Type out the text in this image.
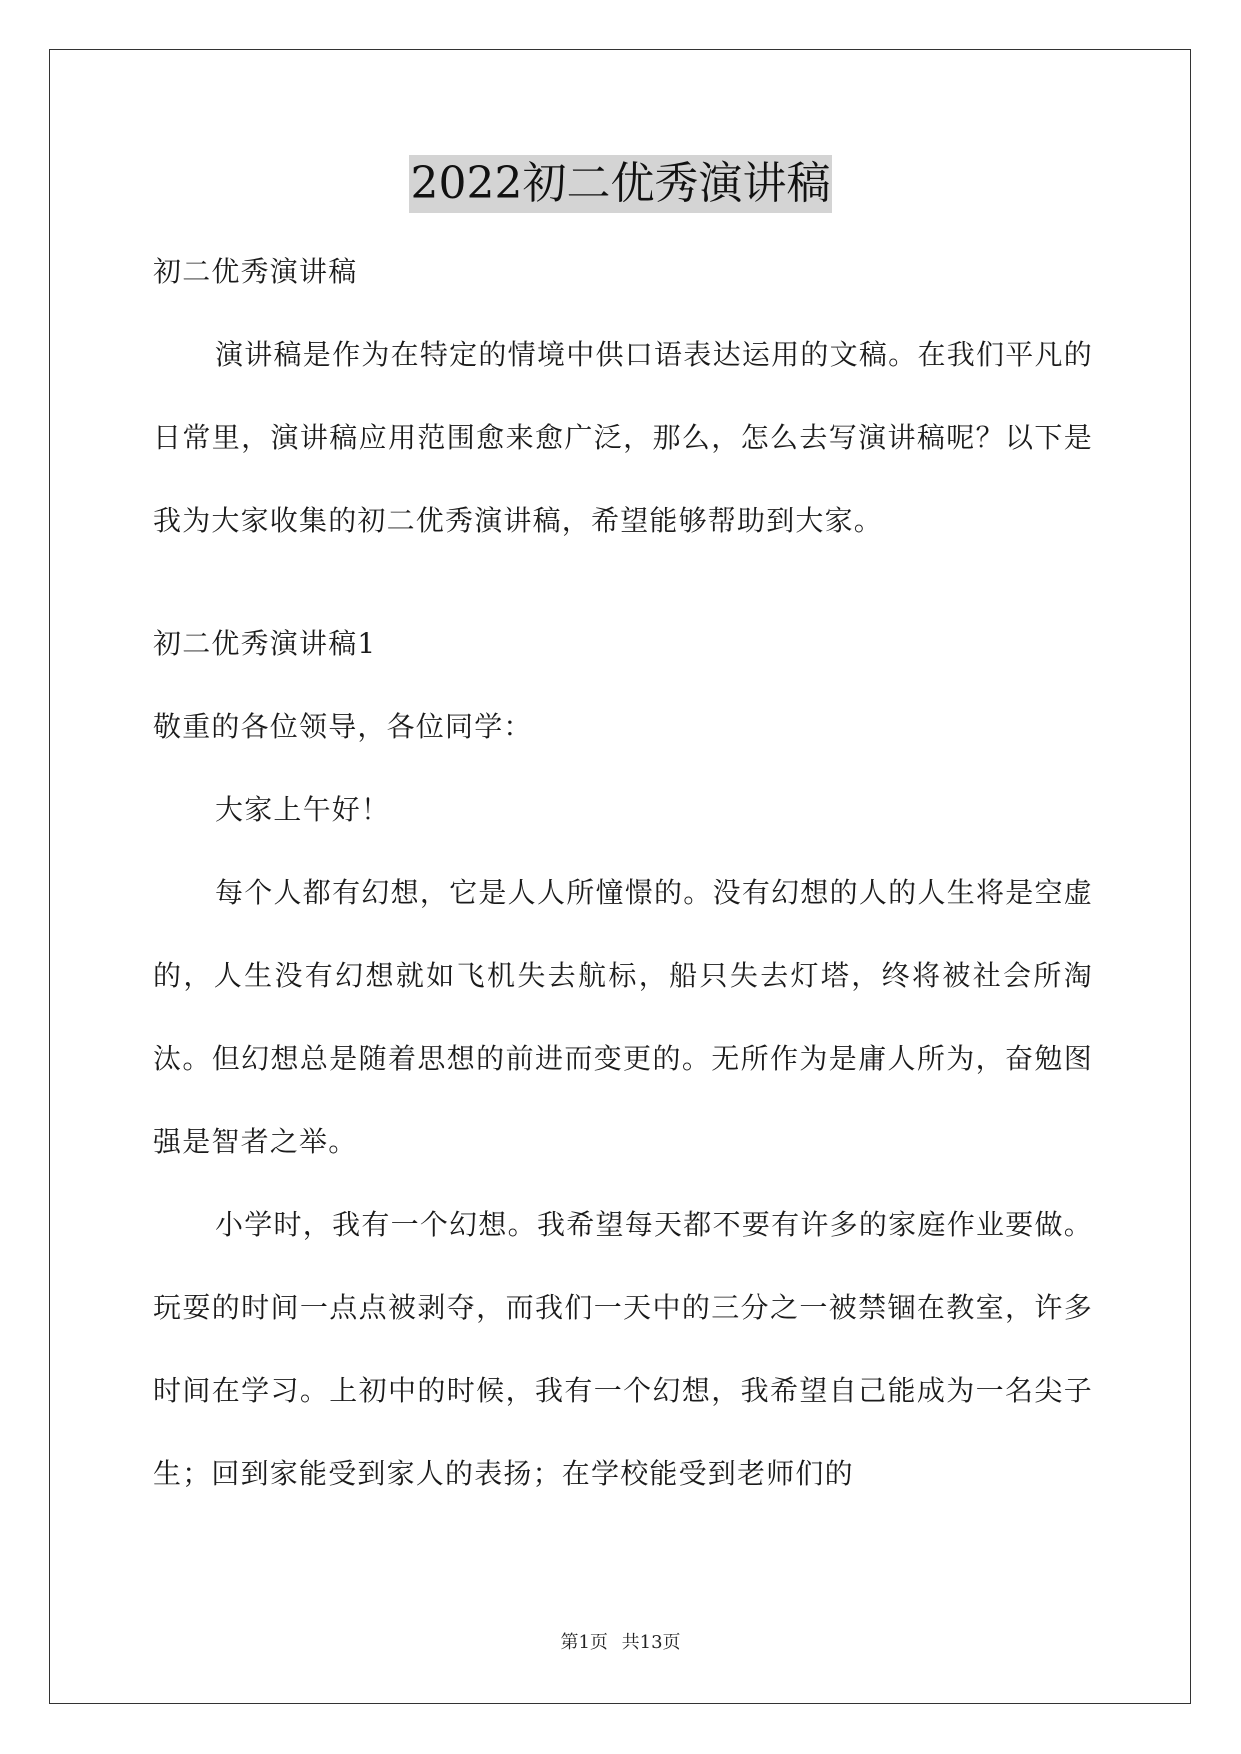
2022初二优秀演讲稿

初二优秀演讲稿

演讲稿是作为在特定的情境中供口语表达运用的文稿。在我们平凡的日常里，演讲稿应用范围愈来愈广泛，那么，怎么去写演讲稿呢？以下是我为大家收集的初二优秀演讲稿，希望能够帮助到大家。

初二优秀演讲稿1

敬重的各位领导，各位同学：

大家上午好！

每个人都有幻想，它是人人所憧憬的。没有幻想的人的人生将是空虚的，人生没有幻想就如飞机失去航标，船只失去灯塔，终将被社会所淘汰。但幻想总是随着思想的前进而变更的。无所作为是庸人所为，奋勉图强是智者之举。

小学时，我有一个幻想。我希望每天都不要有许多的家庭作业要做。玩耍的时间一点点被剥夺，而我们一天中的三分之一被禁锢在教室，许多时间在学习。上初中的时候，我有一个幻想，我希望自己能成为一名尖子生；回到家能受到家人的表扬；在学校能受到老师们的

第1页 共13页
